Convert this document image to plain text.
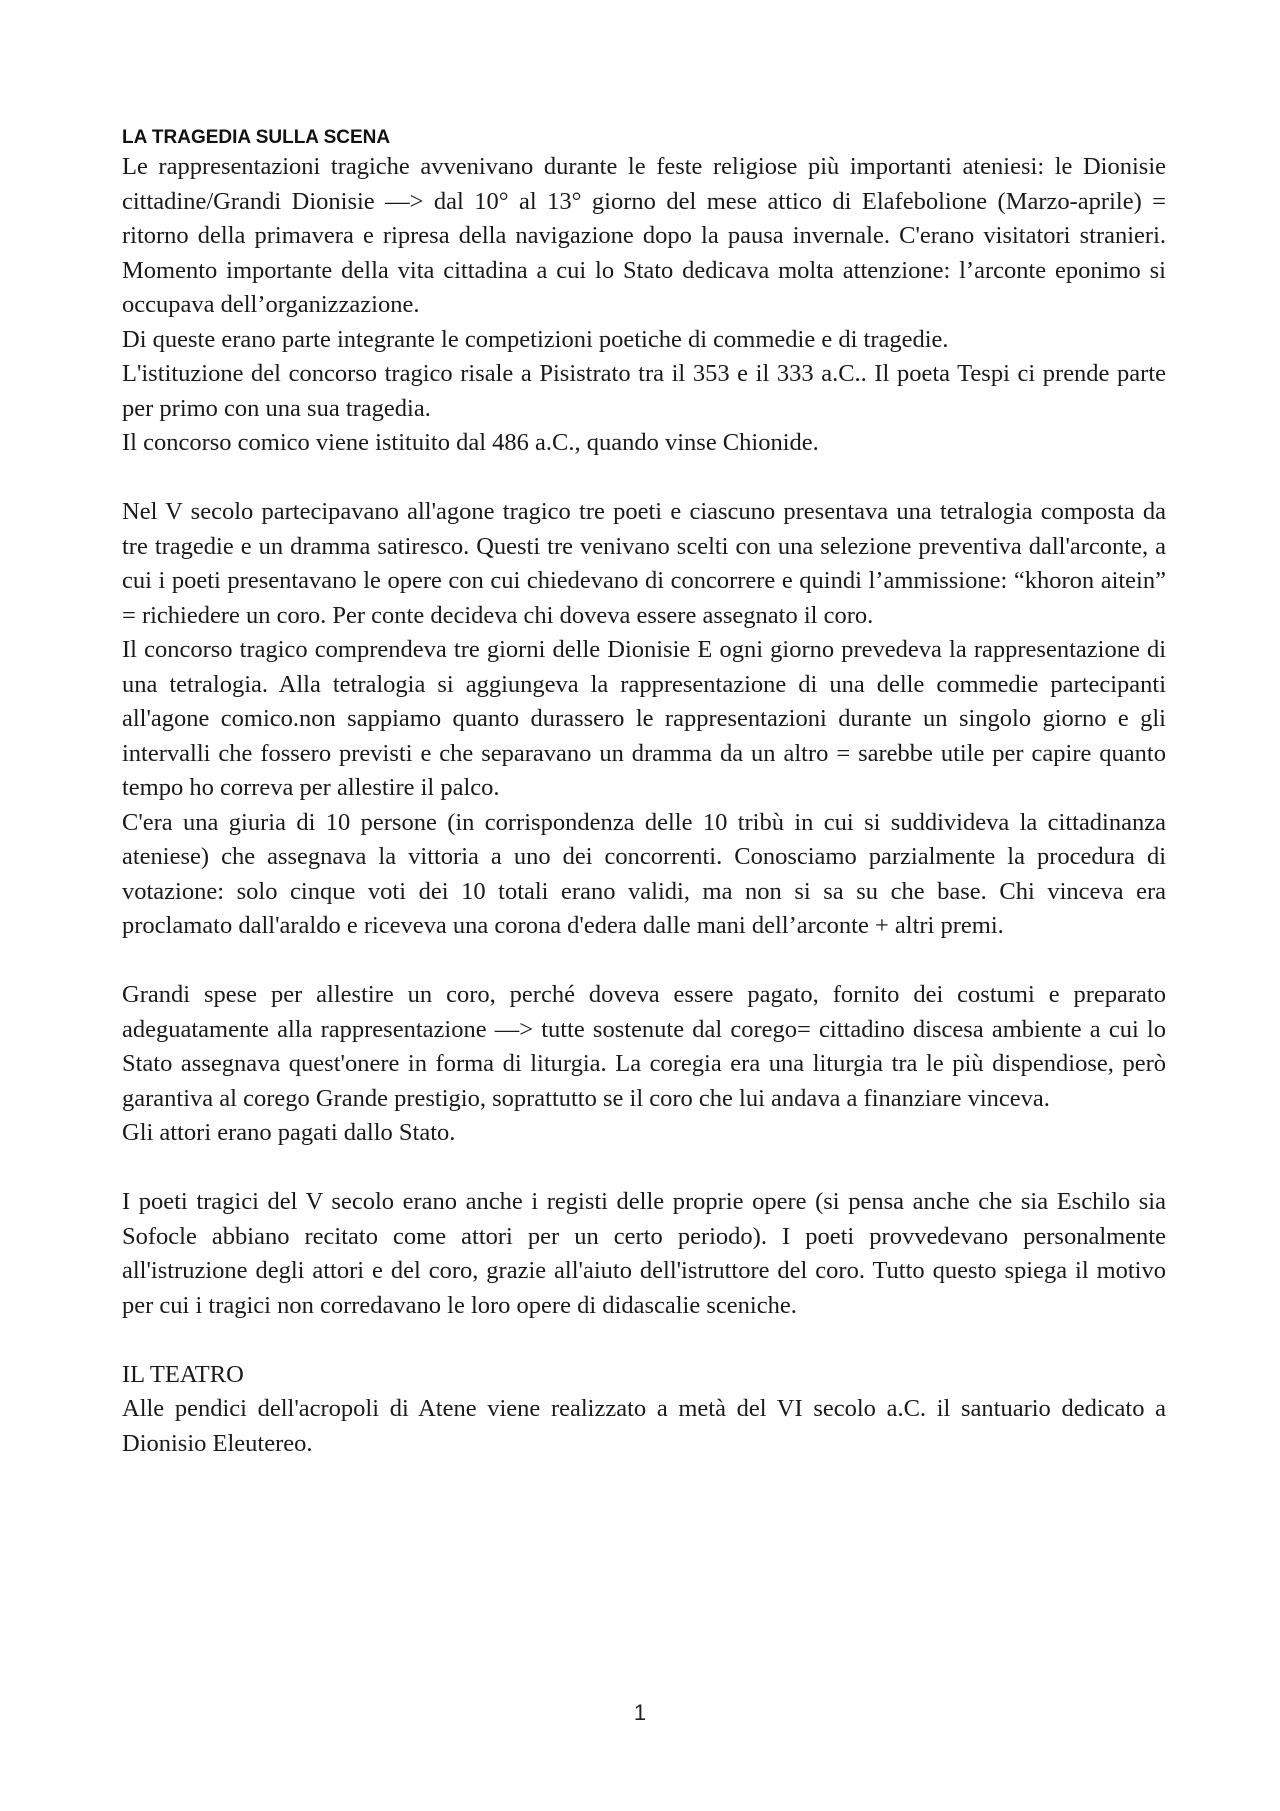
LA TRAGEDIA SULLA SCENA

Le rappresentazioni tragiche avvenivano durante le feste religiose più importanti ateniesi: le Dionisie cittadine/Grandi Dionisie —> dal 10° al 13° giorno del mese attico di Elafebolione (Marzo-aprile) = ritorno della primavera e ripresa della navigazione dopo la pausa invernale. C'erano visitatori stranieri. Momento importante della vita cittadina a cui lo Stato dedicava molta attenzione: l’arconte eponimo si occupava dell’organizzazione.

Di queste erano parte integrante le competizioni poetiche di commedie e di tragedie.

L'istituzione del concorso tragico risale a Pisistrato tra il 353 e il 333 a.C.. Il poeta Tespi ci prende parte per primo con una sua tragedia.

Il concorso comico viene istituito dal 486 a.C., quando vinse Chionide.

Nel V secolo partecipavano all'agone tragico tre poeti e ciascuno presentava una tetralogia composta da tre tragedie e un dramma satiresco. Questi tre venivano scelti con una selezione preventiva dall'arconte, a cui i poeti presentavano le opere con cui chiedevano di concorrere e quindi l’ammissione: “khoron aitein” = richiedere un coro. Per conte decideva chi doveva essere assegnato il coro.

Il concorso tragico comprendeva tre giorni delle Dionisie E ogni giorno prevedeva la rappresentazione di una tetralogia. Alla tetralogia si aggiungeva la rappresentazione di una delle commedie partecipanti all'agone comico.non sappiamo quanto durassero le rappresentazioni durante un singolo giorno e gli intervalli che fossero previsti e che separavano un dramma da un altro = sarebbe utile per capire quanto tempo ho correva per allestire il palco.

C'era una giuria di 10 persone (in corrispondenza delle 10 tribù in cui si suddivideva la cittadinanza ateniese) che assegnava la vittoria a uno dei concorrenti. Conosciamo parzialmente la procedura di votazione: solo cinque voti dei 10 totali erano validi, ma non si sa su che base. Chi vinceva era proclamato dall'araldo e riceveva una corona d'edera dalle mani dell’arconte + altri premi.

Grandi spese per allestire un coro, perché doveva essere pagato, fornito dei costumi e preparato adeguatamente alla rappresentazione —> tutte sostenute dal corego= cittadino discesa ambiente a cui lo Stato assegnava quest'onere in forma di liturgia. La coregia era una liturgia tra le più dispendiose, però garantiva al corego Grande prestigio, soprattutto se il coro che lui andava a finanziare vinceva.

Gli attori erano pagati dallo Stato.

I poeti tragici del V secolo erano anche i registi delle proprie opere (si pensa anche che sia Eschilo sia Sofocle abbiano recitato come attori per un certo periodo). I poeti provvedevano personalmente all'istruzione degli attori e del coro, grazie all'aiuto dell'istruttore del coro. Tutto questo spiega il motivo per cui i tragici non corredavano le loro opere di didascalie sceniche.

IL TEATRO

Alle pendici dell'acropoli di Atene viene realizzato a metà del VI secolo a.C. il santuario dedicato a Dionisio Eleutereo.

1
